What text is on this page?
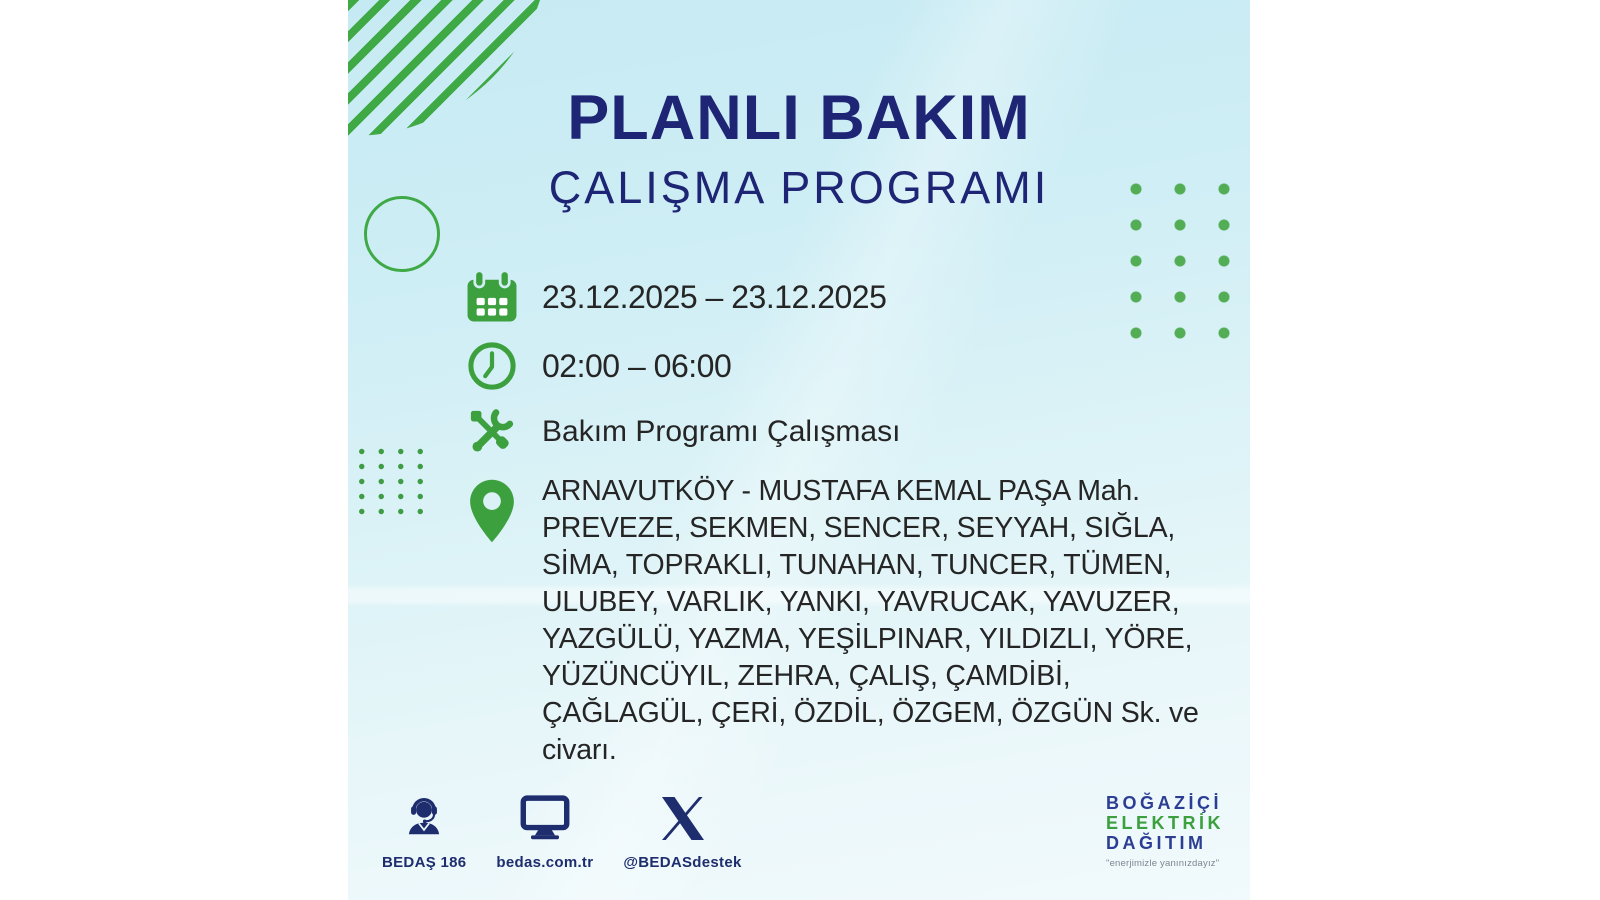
PLANLI BAKIM
ÇALIŞMA PROGRAMI
23.12.2025 – 23.12.2025
02:00 – 06:00
Bakım Programı Çalışması
ARNAVUTKÖY - MUSTAFA KEMAL PAŞA Mah. PREVEZE, SEKMEN, SENCER, SEYYAH, SIĞLA, SİMA, TOPRAKLI, TUNAHAN, TUNCER, TÜMEN, ULUBEY, VARLIK, YANKI, YAVRUCAK, YAVUZER, YAZGÜLÜ, YAZMA, YEŞİLPINAR, YILDIZLI, YÖRE, YÜZÜNCÜYIL, ZEHRA, ÇALIŞ, ÇAMDİBİ, ÇAĞLAGÜL, ÇERİ, ÖZDİL, ÖZGEM, ÖZGÜN Sk. ve civarı.
BEDAŞ 186 bedas.com.tr @BEDASdestek
BOĞAZİÇİ
ELEKTRİK
DAĞITIM
"enerjimizle yanınızdayız"
